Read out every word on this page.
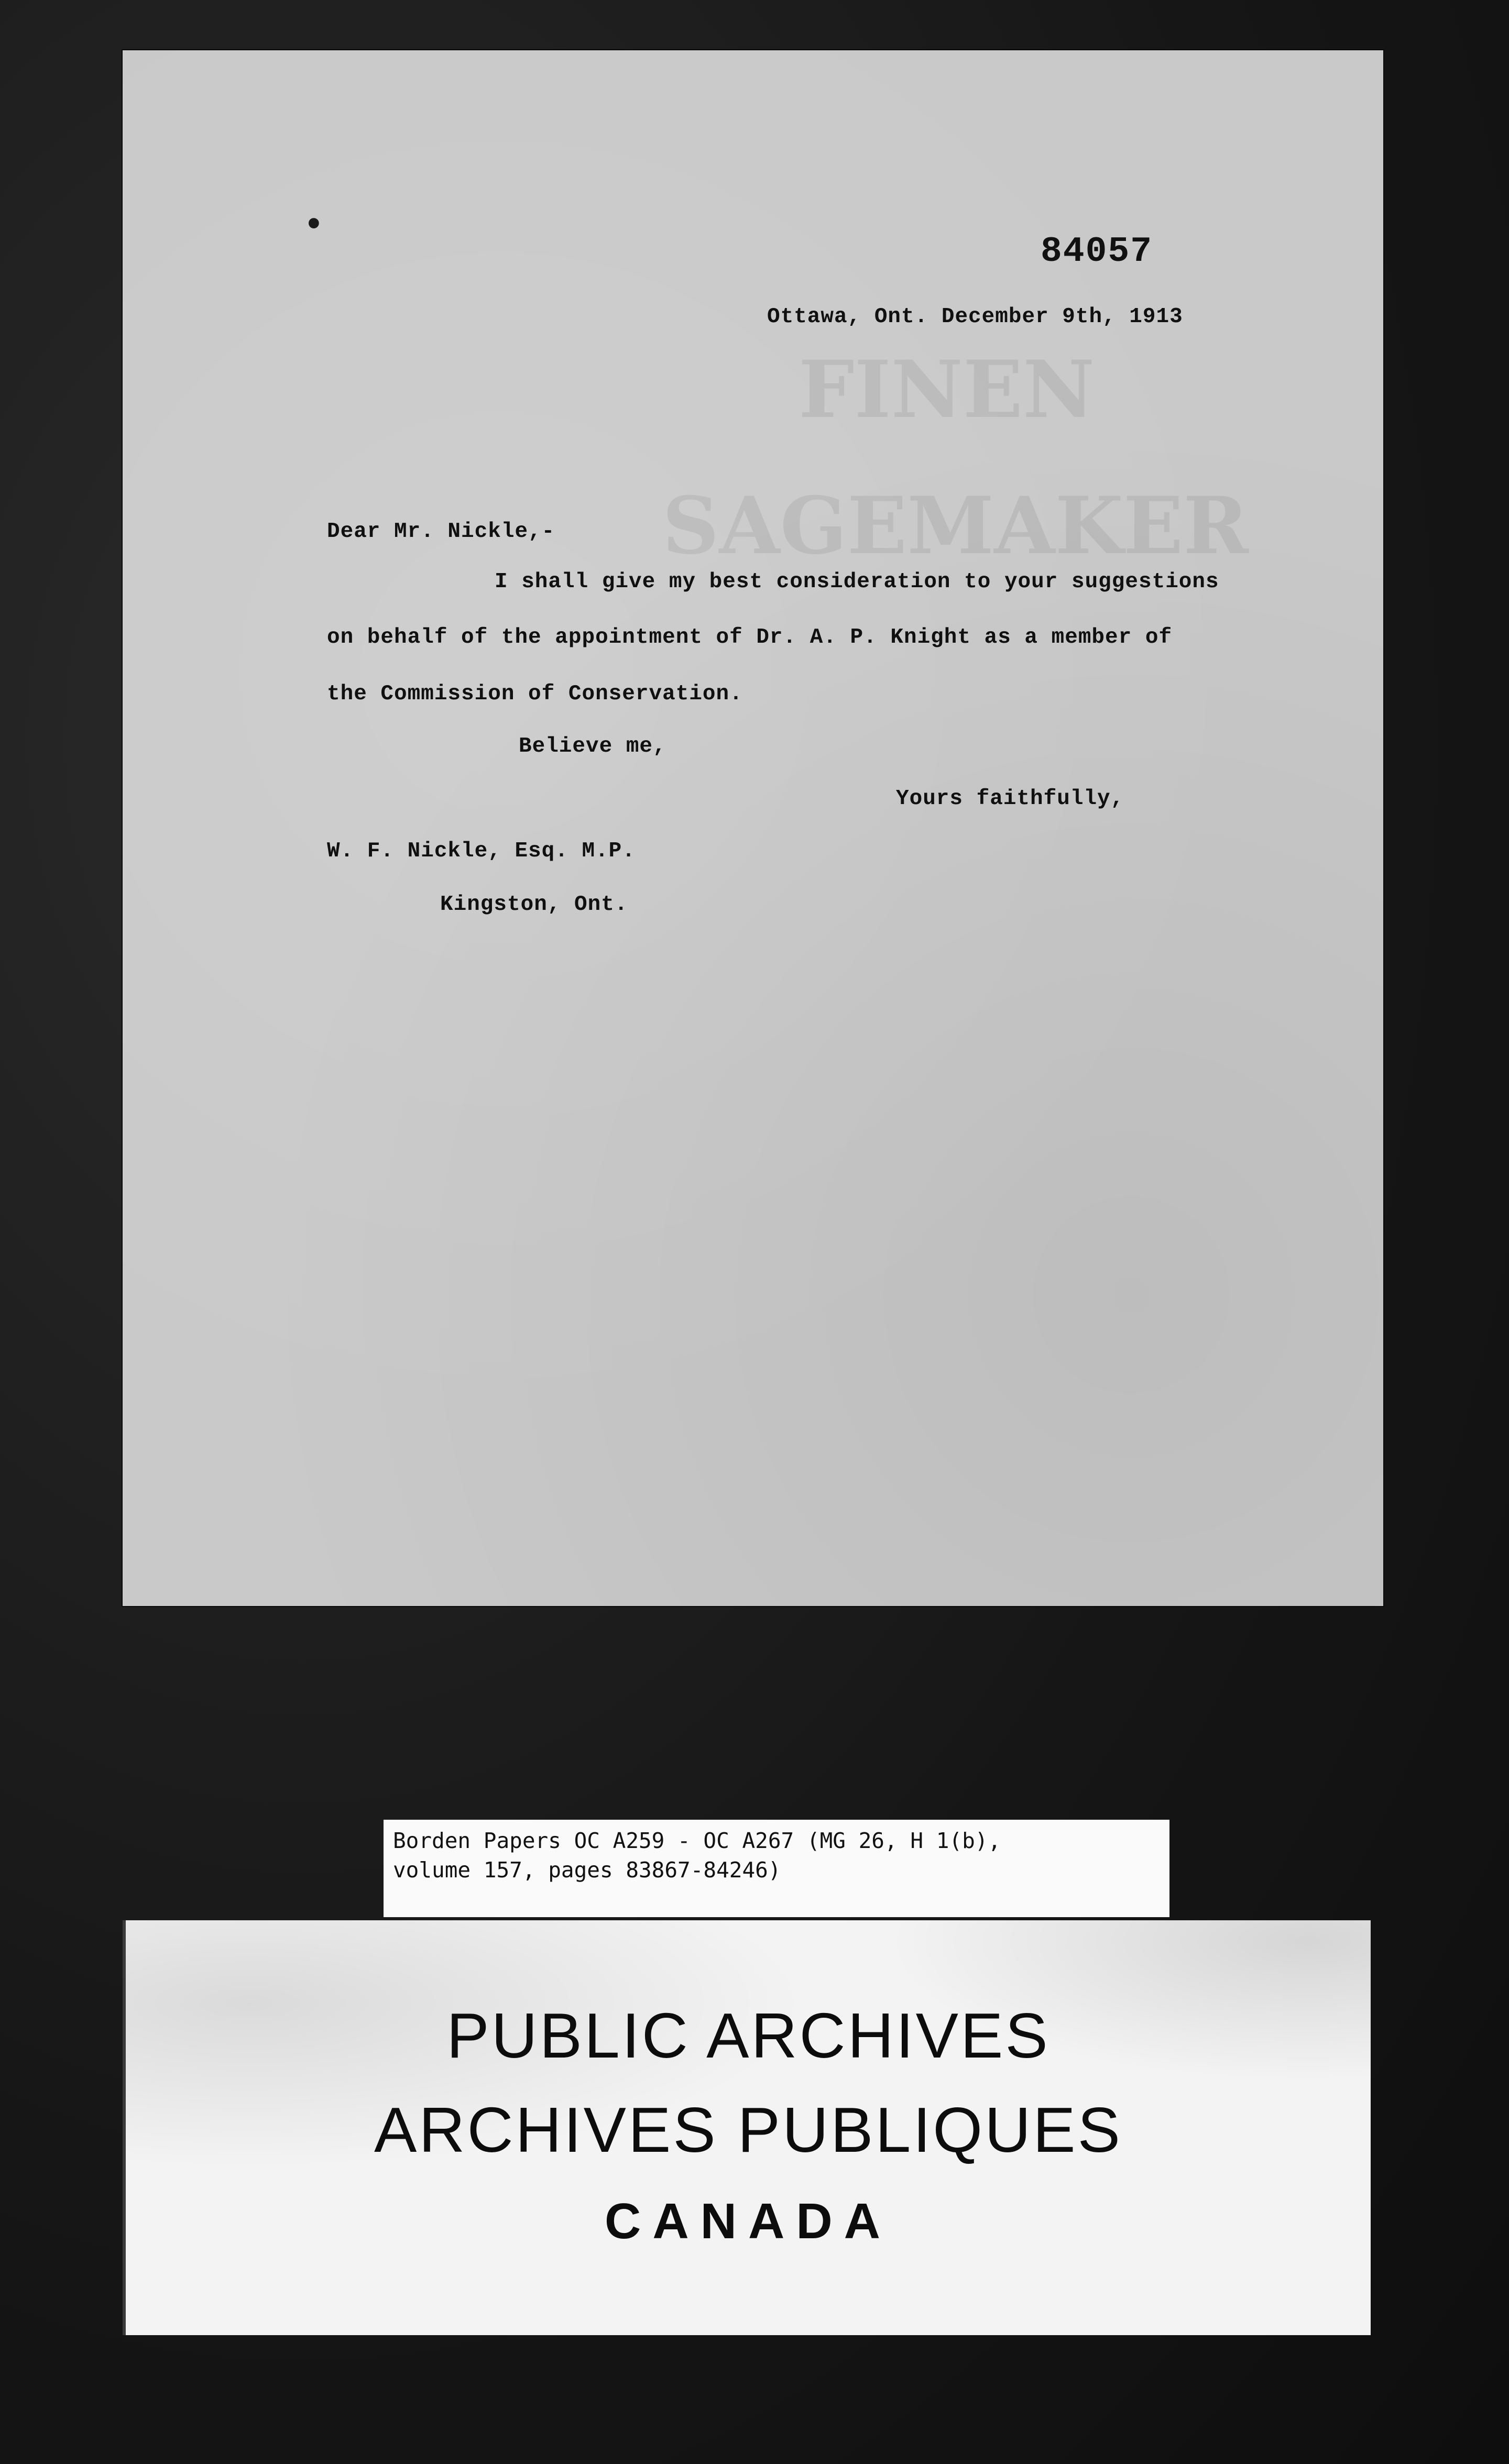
FINEN
SAGEMAKER
•
84057
Ottawa, Ont. December 9th, 1913
Dear Mr. Nickle,-
I shall give my best consideration to your suggestions
on behalf of the appointment of Dr. A. P. Knight as a member of
the Commission of Conservation.
Believe me,
Yours faithfully,
W. F. Nickle, Esq. M.P.
Kingston, Ont.
Borden Papers OC A259 - OC A267 (MG 26, H 1(b),
volume 157, pages 83867-84246)
PUBLIC ARCHIVES
ARCHIVES PUBLIQUES
CANADA
